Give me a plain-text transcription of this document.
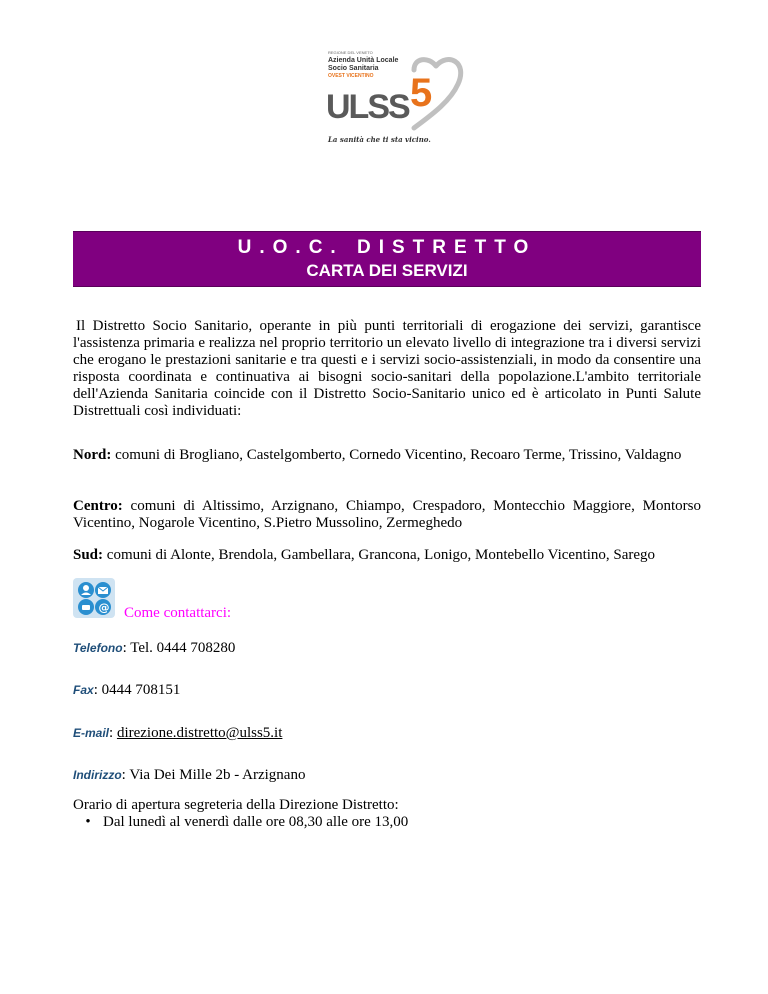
REGIONE DEL VENETO
Azienda Unità Locale
Socio Sanitaria
OVEST VICENTINO
ULSS 5
La sanità che ti sta vicino.
U.O.C. DISTRETTO
CARTA DEI SERVIZI

Il Distretto Socio Sanitario, operante in più punti territoriali di erogazione dei servizi, garantisce l'assistenza primaria e realizza nel proprio territorio un elevato livello di integrazione tra i diversi servizi che erogano le prestazioni sanitarie e tra questi e i servizi socio-assistenziali, in modo da consentire una risposta coordinata e continuativa ai bisogni socio-sanitari della popolazione.L'ambito territoriale dell'Azienda Sanitaria coincide con il Distretto Socio-Sanitario unico ed è articolato in Punti Salute Distrettuali così individuati:

Nord: comuni di Brogliano, Castelgomberto, Cornedo Vicentino, Recoaro Terme, Trissino, Valdagno

Centro: comuni di Altissimo, Arzignano, Chiampo, Crespadoro, Montecchio Maggiore, Montorso Vicentino, Nogarole Vicentino, S.Pietro Mussolino, Zermeghedo

Sud: comuni di Alonte, Brendola, Gambellara, Grancona, Lonigo, Montebello Vicentino, Sarego

@ Come contattarci:
Telefono: Tel. 0444 708280
Fax: 0444 708151
E-mail: direzione.distretto@ulss5.it
Indirizzo: Via Dei Mille 2b - Arzignano
Orario di apertura segreteria della Direzione Distretto:
• Dal lunedì al venerdì dalle ore 08,30 alle ore 13,00
